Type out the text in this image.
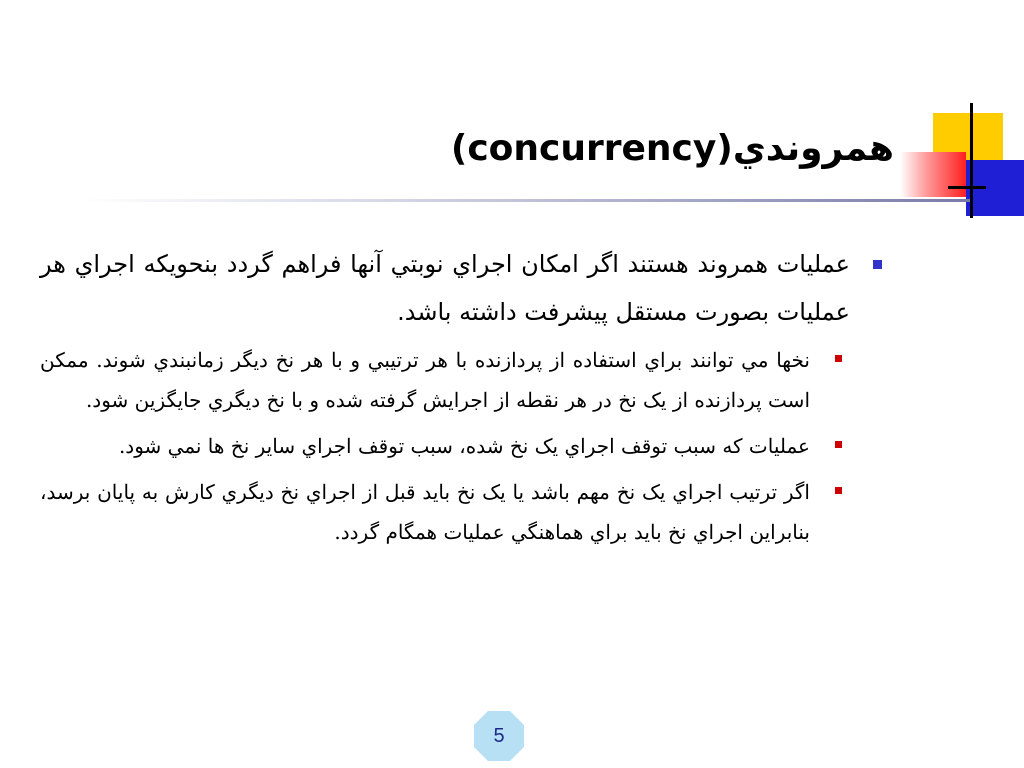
(concurrency)همروندي
عمليات همروند هستند اگر امکان اجراي نوبتي آنها فراهم گردد بنحويکه اجراي هر عمليات بصورت مستقل پيشرفت داشته باشد.
نخها مي توانند براي استفاده از پردازنده با هر ترتيبي و با هر نخ ديگر زمانبندي شوند. ممکن است پردازنده از يک نخ در هر نقطه از اجرايش گرفته شده و با نخ ديگري جايگزين شود.
عمليات که سبب توقف اجراي يک نخ شده، سبب توقف اجراي ساير نخ ها نمي شود.
اگر ترتيب اجراي يک نخ مهم باشد يا يک نخ بايد قبل از اجراي نخ ديگري کارش به پايان برسد، بنابراين اجراي نخ بايد براي هماهنگي عمليات همگام گردد.
5
